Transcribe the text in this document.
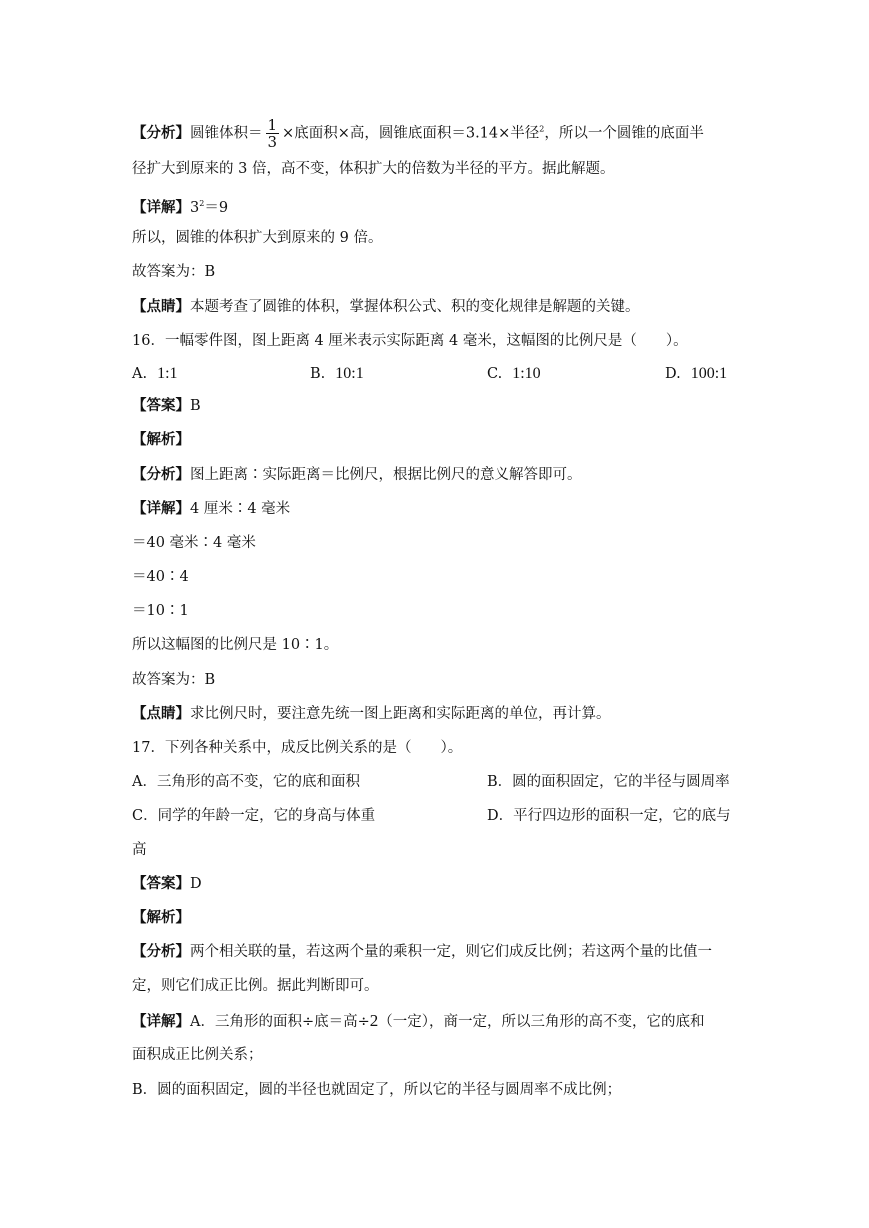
【分析】圆锥体积＝ $\frac{1}{3}$ ×底面积×高，圆锥底面积＝3.14×半径$^2$，所以一个圆锥的底面半
径扩大到原来的 3 倍，高不变，体积扩大的倍数为半径的平方。据此解题。
【详解】$3^2=9$
所以，圆锥的体积扩大到原来的 9 倍。
故答案为：B
【点睛】本题考查了圆锥的体积，掌握体积公式、积的变化规律是解题的关键。
16．一幅零件图，图上距离 4 厘米表示实际距离 4 毫米，这幅图的比例尺是（　　）。
A. 1:1	B. 10:1	C. 1:10	D. 100:1
【答案】B
【解析】
【分析】图上距离∶实际距离＝比例尺，根据比例尺的意义解答即可。
【详解】4 厘米∶4 毫米
＝40 毫米∶4 毫米
＝40∶4
＝10∶1
所以这幅图的比例尺是 10∶1。
故答案为：B
【点睛】求比例尺时，要注意先统一图上距离和实际距离的单位，再计算。
17．下列各种关系中，成反比例关系的是（　　）。
A．三角形的高不变，它的底和面积	B．圆的面积固定，它的半径与圆周率
C．同学的年龄一定，它的身高与体重	D．平行四边形的面积一定，它的底与
高
【答案】D
【解析】
【分析】两个相关联的量，若这两个量的乘积一定，则它们成反比例；若这两个量的比值一
定，则它们成正比例。据此判断即可。
【详解】A．三角形的面积÷底＝高÷2（一定），商一定，所以三角形的高不变，它的底和
面积成正比例关系；
B．圆的面积固定，圆的半径也就固定了，所以它的半径与圆周率不成比例；
